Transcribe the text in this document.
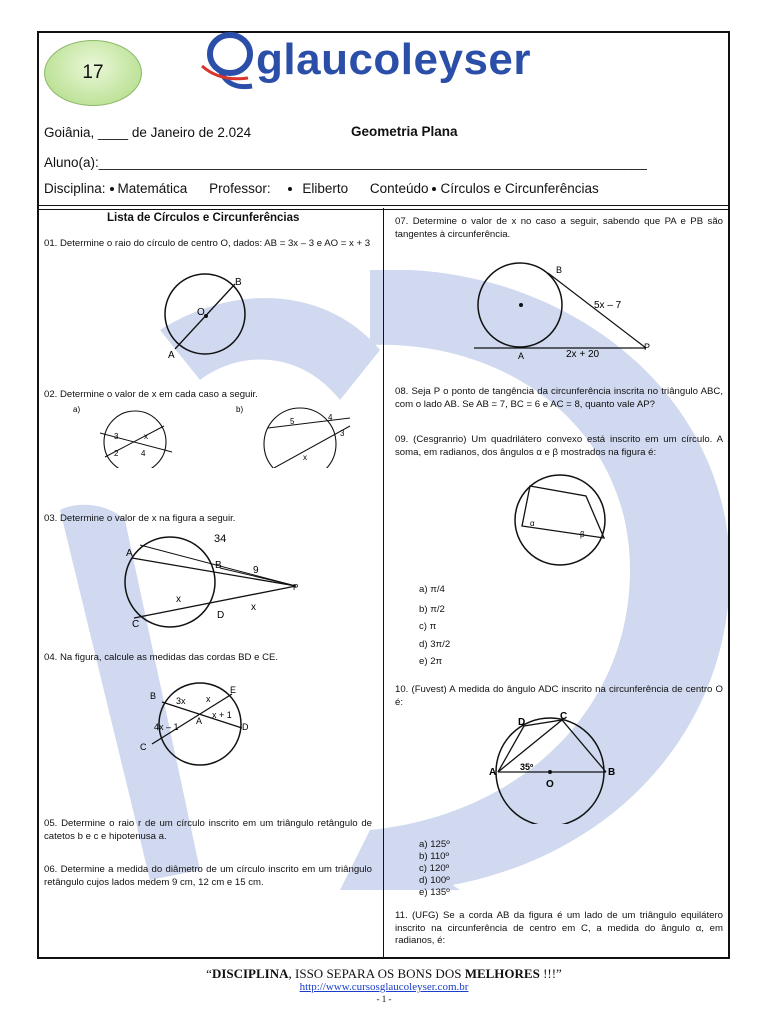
17	glaucoleyser
Goiânia, ____ de Janeiro de 2.024	Geometria Plana
Aluno(a):_________________________________________________________________________
Disciplina: Matemática Professor: Eliberto Conteúdo Círculos e Circunferências
Lista de Círculos e Circunferências
01. Determine o raio do círculo de centro O, dados: AB = 3x – 3 e AO = x + 3
B
O
A
02. Determine o valor de x em cada caso a seguir.
a)
3	x
2	4
b)
5	4
3
x
03. Determine o valor de x na figura a seguir.
34
A
B	9
P
x
C
D
x
04. Na figura, calcule as medidas das cordas BD e CE.
B 3x x
E
4x – 1
A
x + 1
C
D
05. Determine o raio r de um círculo inscrito em um triângulo retângulo de catetos b e c e hipotenusa a.
06. Determine a medida do diâmetro de um círculo inscrito em um triângulo retângulo cujos lados medem 9 cm, 12 cm e 15 cm.
07. Determine o valor de x no caso a seguir, sabendo que PA e PB são tangentes à circunferência.
B
5x – 7
A	2x + 20
P
08. Seja P o ponto de tangência da circunferência inscrita no triângulo ABC, com o lado AB. Se AB = 7, BC = 6 e AC = 8, quanto vale AP?
09. (Cesgranrio) Um quadrilátero convexo está inscrito em um círculo. A soma, em radianos, dos ângulos α e β mostrados na figura é:
α
β
a) π/4
b) π/2
c) π
d) 3π/2
e) 2π
10. (Fuvest) A medida do ângulo ADC inscrito na circunferência de centro O é:
D
C
A	35º
O
B
a) 125º
b) 110º
c) 120º
d) 100º
e) 135º
11. (UFG) Se a corda AB da figura é um lado de um triângulo equilátero inscrito na circunferência de centro em C, a medida do ângulo α, em radianos, é:
“DISCIPLINA, ISSO SEPARA OS BONS DOS MELHORES !!!”
http://www.cursosglaucoleyser.com.br
- 1 -
